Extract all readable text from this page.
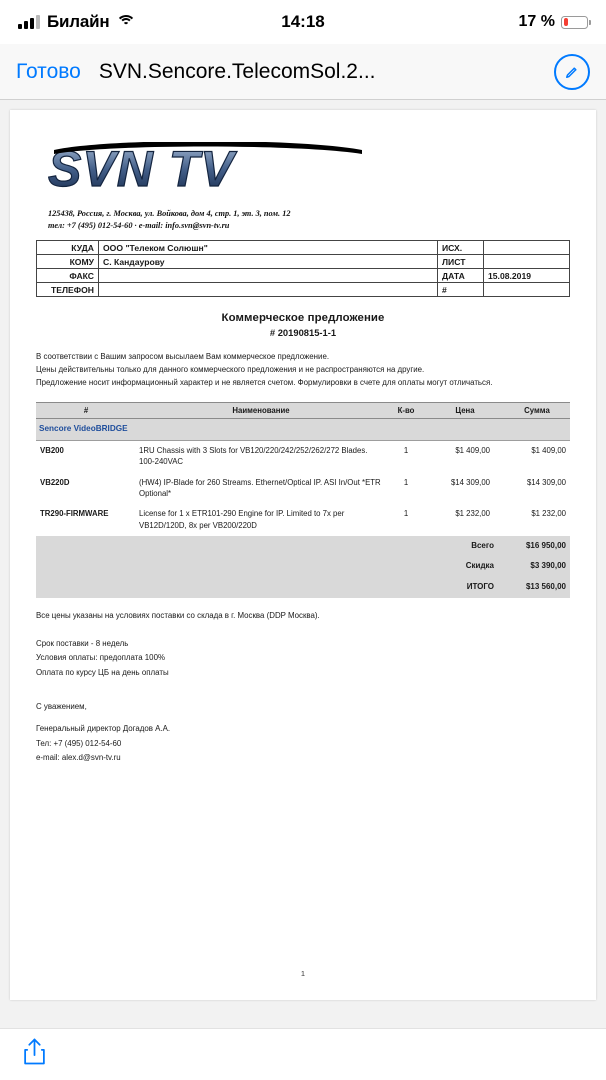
Билайн	14:18	17 %
Готово SVN.Sencore.TelecomSol.2...
SVN TV
125438, Россия, г. Москва, ул. Войкова, дом 4, стр. 1, эт. 3, пом. 12
тел: +7 (495) 012-54-60 · e-mail: info.svn@svn-tv.ru
КУДА	ООО "Телеком Солюшн"	ИСХ.	
КОМУ	С. Кандаурову	ЛИСТ	
ФАКС		ДАТА	15.08.2019
ТЕЛЕФОН		#	
Коммерческое предложение
# 20190815-1-1

В соответствии с Вашим запросом высылаем Вам коммерческое предложение.

Цены действительны только для данного коммерческого предложения и не распространяются на другие.

Предложение носит информационный характер и не является счетом. Формулировки в счете для оплаты могут отличаться.

#	Наименование	К-во	Цена	Сумма
Sencore VideoBRIDGE				
VB200	1RU Chassis with 3 Slots for VB120/220/242/252/262/272 Blades. 100-240VAC	1	$1 409,00	$1 409,00
VB220D	(HW4) IP-Blade for 260 Streams. Ethernet/Optical IP. ASI In/Out *ETR Optional*	1	$14 309,00	$14 309,00
TR290-FIRMWARE	License for 1 x ETR101-290 Engine for IP. Limited to 7x per VB12D/120D, 8x per VB200/220D	1	$1 232,00	$1 232,00
			Всего	$16 950,00
			Скидка	$3 390,00
			ИТОГО	$13 560,00
Все цены указаны на условиях поставки со склада в г. Москва (DDP Москва).
Срок поставки - 8 недель
Условия оплаты: предоплата 100%
Оплата по курсу ЦБ на день оплаты
С уважением,
Генеральный директор Догадов А.А.
Тел: +7 (495) 012-54-60
e-mail: alex.d@svn-tv.ru
1
